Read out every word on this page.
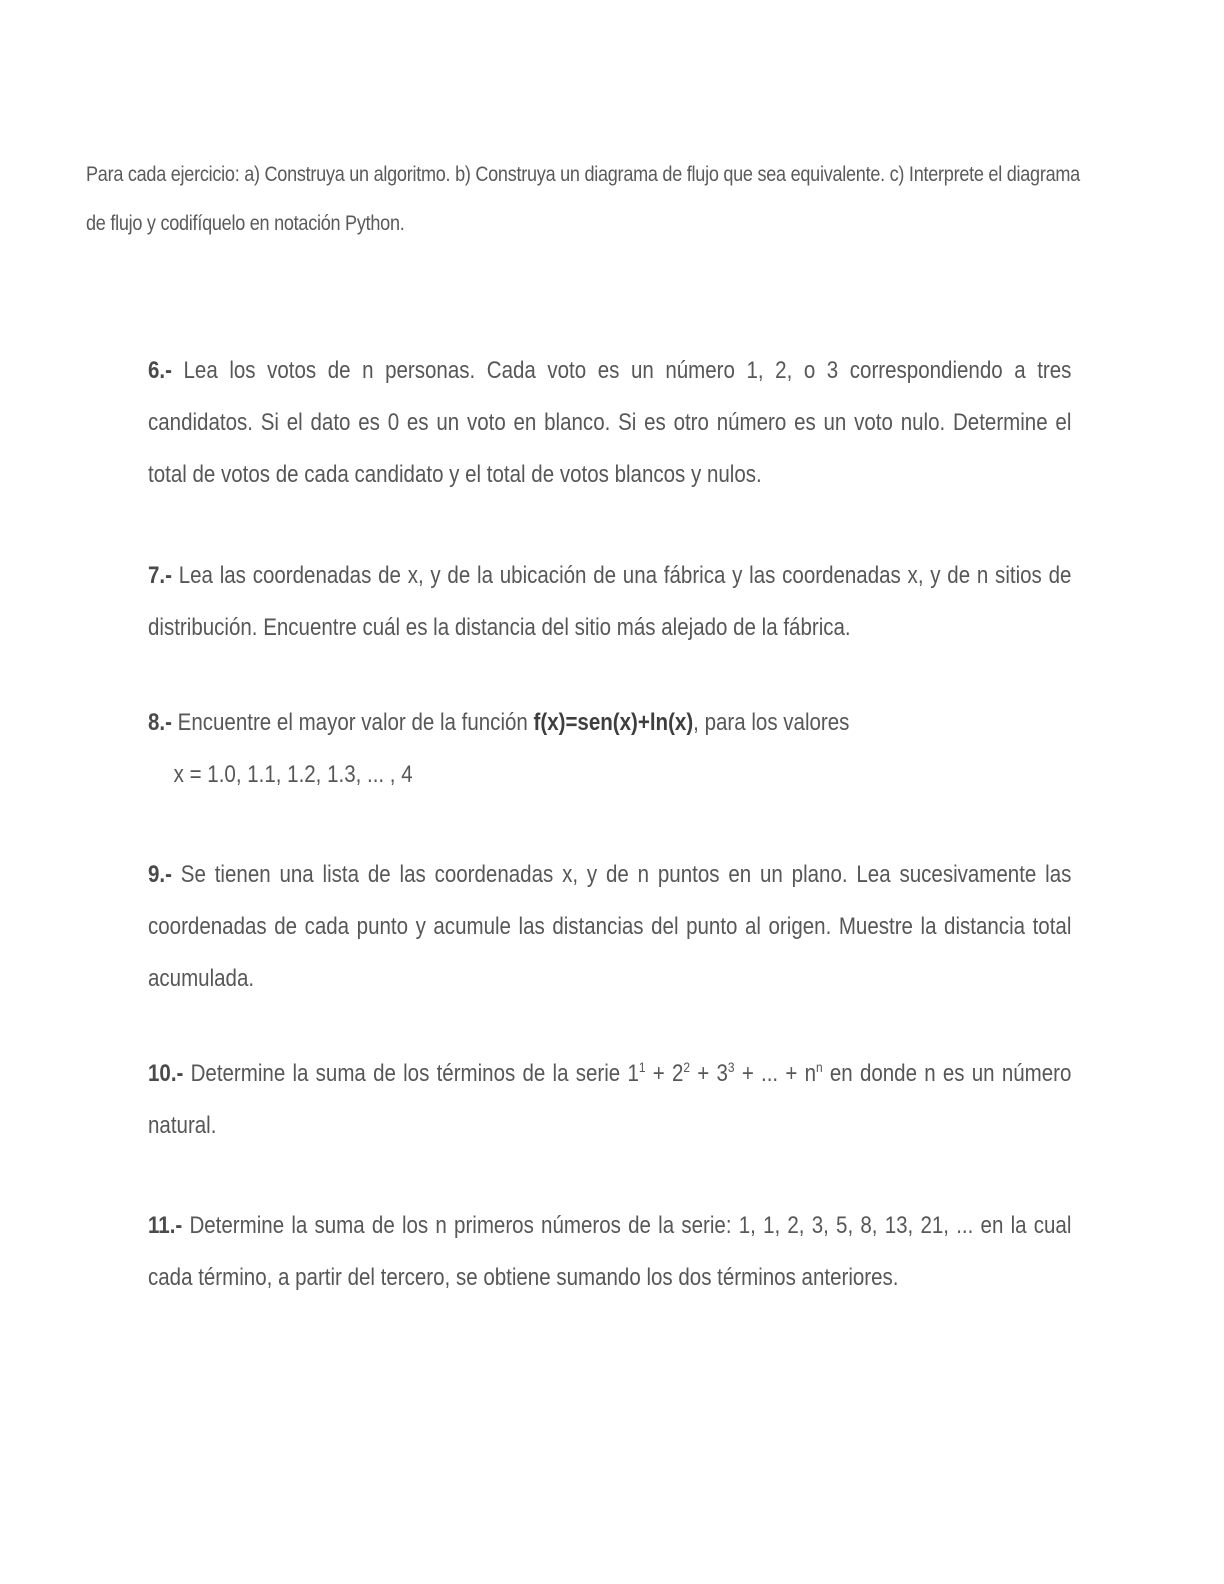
Para cada ejercicio: a) Construya un algoritmo. b) Construya un diagrama de flujo que sea equivalente. c) Interprete el diagrama de flujo y codifíquelo en notación Python.

6.- Lea los votos de n personas. Cada voto es un número 1, 2, o 3 correspondiendo a tres candidatos. Si el dato es 0 es un voto en blanco. Si es otro número es un voto nulo. Determine el total de votos de cada candidato y el total de votos blancos y nulos.
7.- Lea las coordenadas de x, y de la ubicación de una fábrica y las coordenadas x, y de n sitios de distribución. Encuentre cuál es la distancia del sitio más alejado de la fábrica.
8.- Encuentre el mayor valor de la función f(x)=sen(x)+ln(x), para los valores
x = 1.0, 1.1, 1.2, 1.3, ... , 4
9.- Se tienen una lista de las coordenadas x, y de n puntos en un plano. Lea sucesivamente las coordenadas de cada punto y acumule las distancias del punto al origen. Muestre la distancia total acumulada.
10.- Determine la suma de los términos de la serie $1^1 + 2^2 + 3^3$ + ... + $n^n$ en donde n es un número natural.
11.- Determine la suma de los n primeros números de la serie: 1, 1, 2, 3, 5, 8, 13, 21, ... en la cual cada término, a partir del tercero, se obtiene sumando los dos términos anteriores.
